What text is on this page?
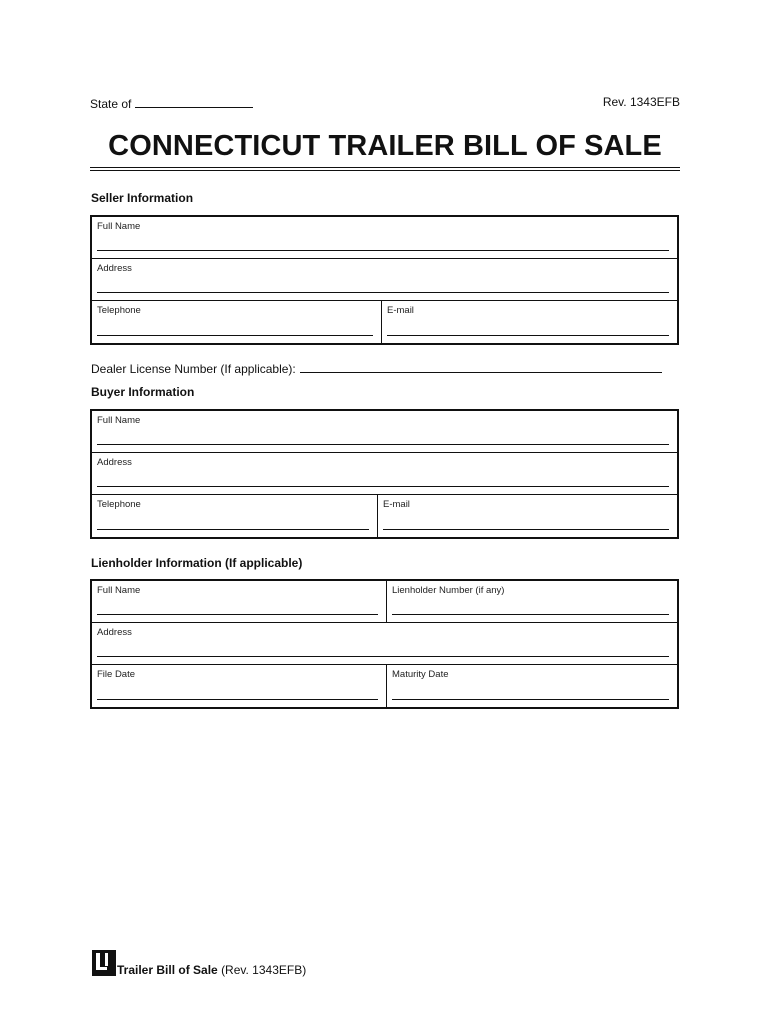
State of	Rev. 1343EFB
CONNECTICUT TRAILER BILL OF SALE
Seller Information
Full Name
Address
Telephone	E-mail
Dealer License Number (If applicable):
Buyer Information
Full Name
Address
Telephone	E-mail
Lienholder Information (If applicable)
Full Name	Lienholder Number (if any)
Address
File Date	Maturity Date
Trailer Bill of Sale (Rev. 1343EFB)
